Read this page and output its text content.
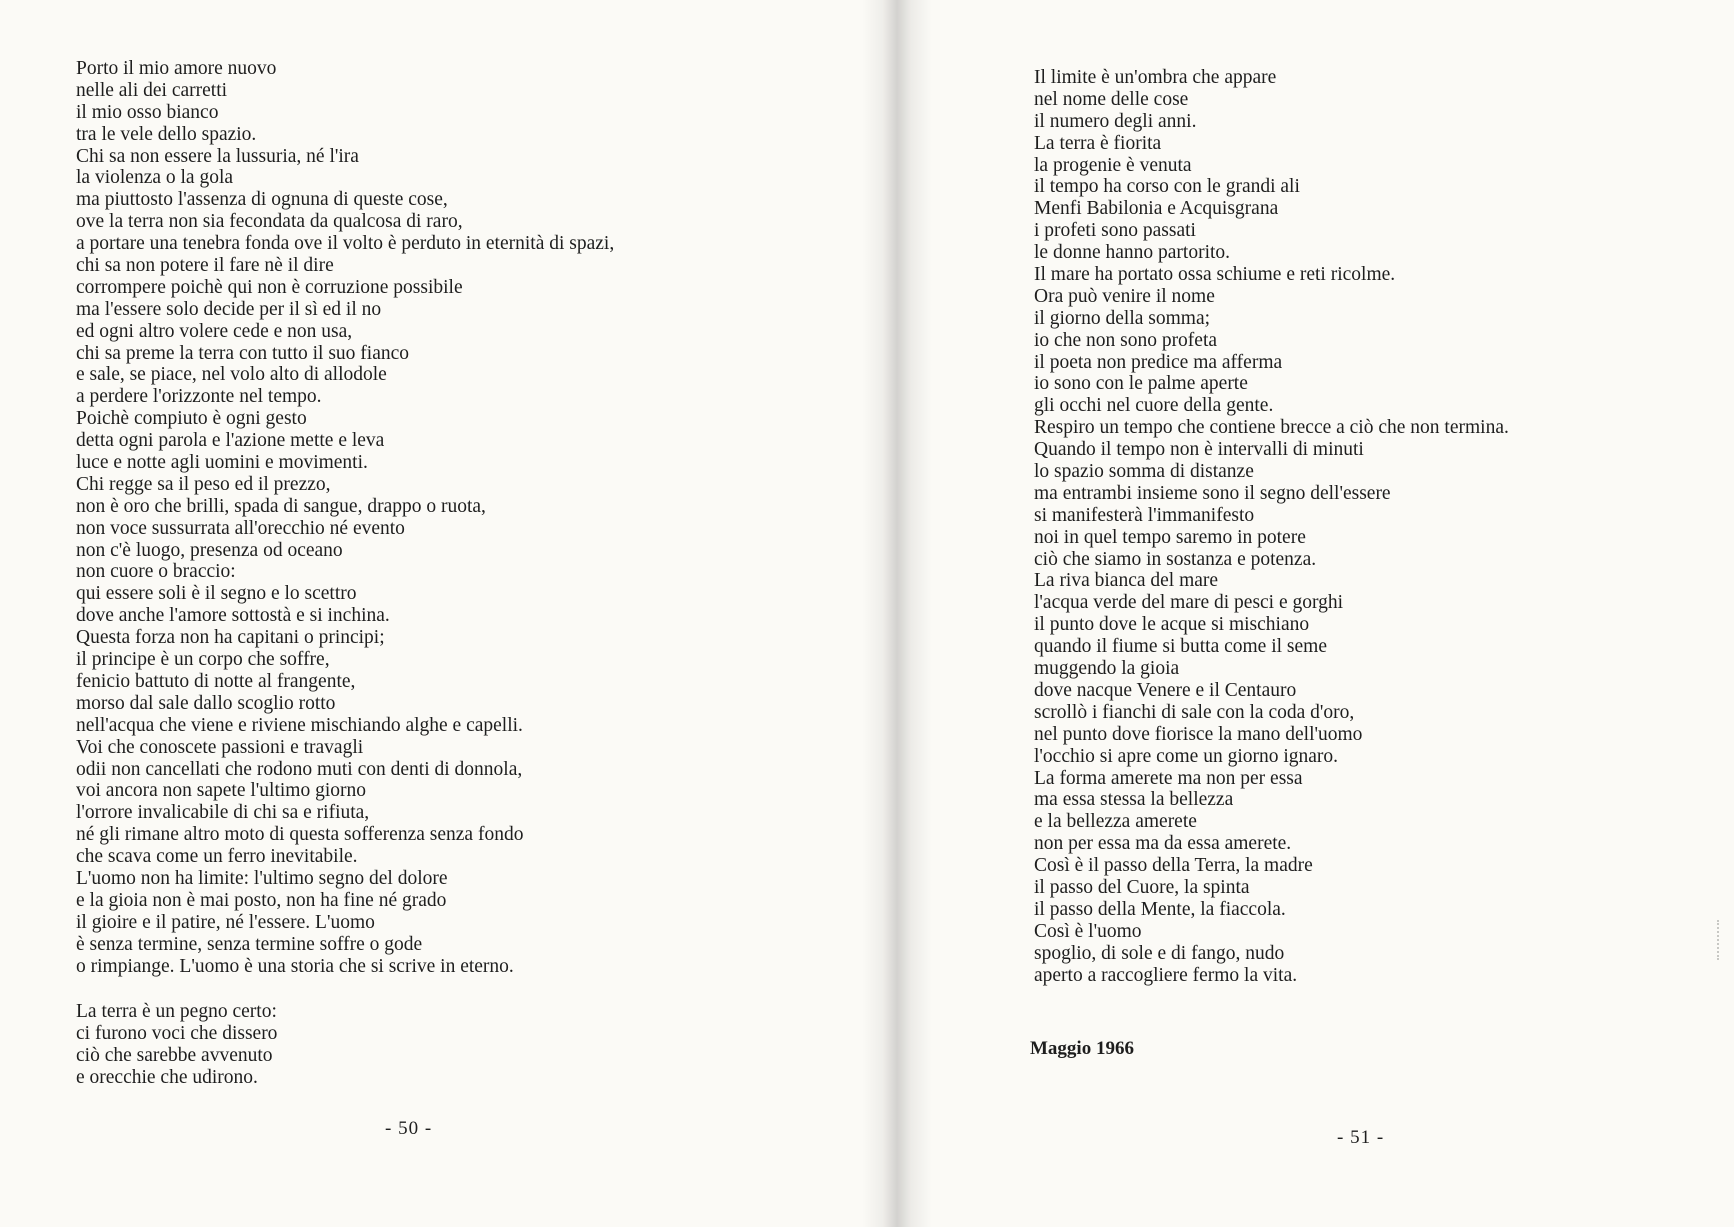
Porto il mio amore nuovo
nelle ali dei carretti
il mio osso bianco
tra le vele dello spazio.
Chi sa non essere la lussuria, né l'ira
la violenza o la gola
ma piuttosto l'assenza di ognuna di queste cose,
ove la terra non sia fecondata da qualcosa di raro,
a portare una tenebra fonda ove il volto è perduto in eternità di spazi,
chi sa non potere il fare nè il dire
corrompere poichè qui non è corruzione possibile
ma l'essere solo decide per il sì ed il no
ed ogni altro volere cede e non usa,
chi sa preme la terra con tutto il suo fianco
e sale, se piace, nel volo alto di allodole
a perdere l'orizzonte nel tempo.
Poichè compiuto è ogni gesto
detta ogni parola e l'azione mette e leva
luce e notte agli uomini e movimenti.
Chi regge sa il peso ed il prezzo,
non è oro che brilli, spada di sangue, drappo o ruota,
non voce sussurrata all'orecchio né evento
non c'è luogo, presenza od oceano
non cuore o braccio:
qui essere soli è il segno e lo scettro
dove anche l'amore sottostà e si inchina.
Questa forza non ha capitani o principi;
il principe è un corpo che soffre,
fenicio battuto di notte al frangente,
morso dal sale dallo scoglio rotto
nell'acqua che viene e riviene mischiando alghe e capelli.
Voi che conoscete passioni e travagli
odii non cancellati che rodono muti con denti di donnola,
voi ancora non sapete l'ultimo giorno
l'orrore invalicabile di chi sa e rifiuta,
né gli rimane altro moto di questa sofferenza senza fondo
che scava come un ferro inevitabile.
L'uomo non ha limite: l'ultimo segno del dolore
e la gioia non è mai posto, non ha fine né grado
il gioire e il patire, né l'essere. L'uomo
è senza termine, senza termine soffre o gode
o rimpiange. L'uomo è una storia che si scrive in eterno.
La terra è un pegno certo:
ci furono voci che dissero
ciò che sarebbe avvenuto
e orecchie che udirono.
- 50 -
Il limite è un'ombra che appare
nel nome delle cose
il numero degli anni.
La terra è fiorita
la progenie è venuta
il tempo ha corso con le grandi ali
Menfi Babilonia e Acquisgrana
i profeti sono passati
le donne hanno partorito.
Il mare ha portato ossa schiume e reti ricolme.
Ora può venire il nome
il giorno della somma;
io che non sono profeta
il poeta non predice ma afferma
io sono con le palme aperte
gli occhi nel cuore della gente.
Respiro un tempo che contiene brecce a ciò che non termina.
Quando il tempo non è intervalli di minuti
lo spazio somma di distanze
ma entrambi insieme sono il segno dell'essere
si manifesterà l'immanifesto
noi in quel tempo saremo in potere
ciò che siamo in sostanza e potenza.
La riva bianca del mare
l'acqua verde del mare di pesci e gorghi
il punto dove le acque si mischiano
quando il fiume si butta come il seme
muggendo la gioia
dove nacque Venere e il Centauro
scrollò i fianchi di sale con la coda d'oro,
nel punto dove fiorisce la mano dell'uomo
l'occhio si apre come un giorno ignaro.
La forma amerete ma non per essa
ma essa stessa la bellezza
e la bellezza amerete
non per essa ma da essa amerete.
Così è il passo della Terra, la madre
il passo del Cuore, la spinta
il passo della Mente, la fiaccola.
Così è l'uomo
spoglio, di sole e di fango, nudo
aperto a raccogliere fermo la vita.
Maggio 1966
- 51 -
